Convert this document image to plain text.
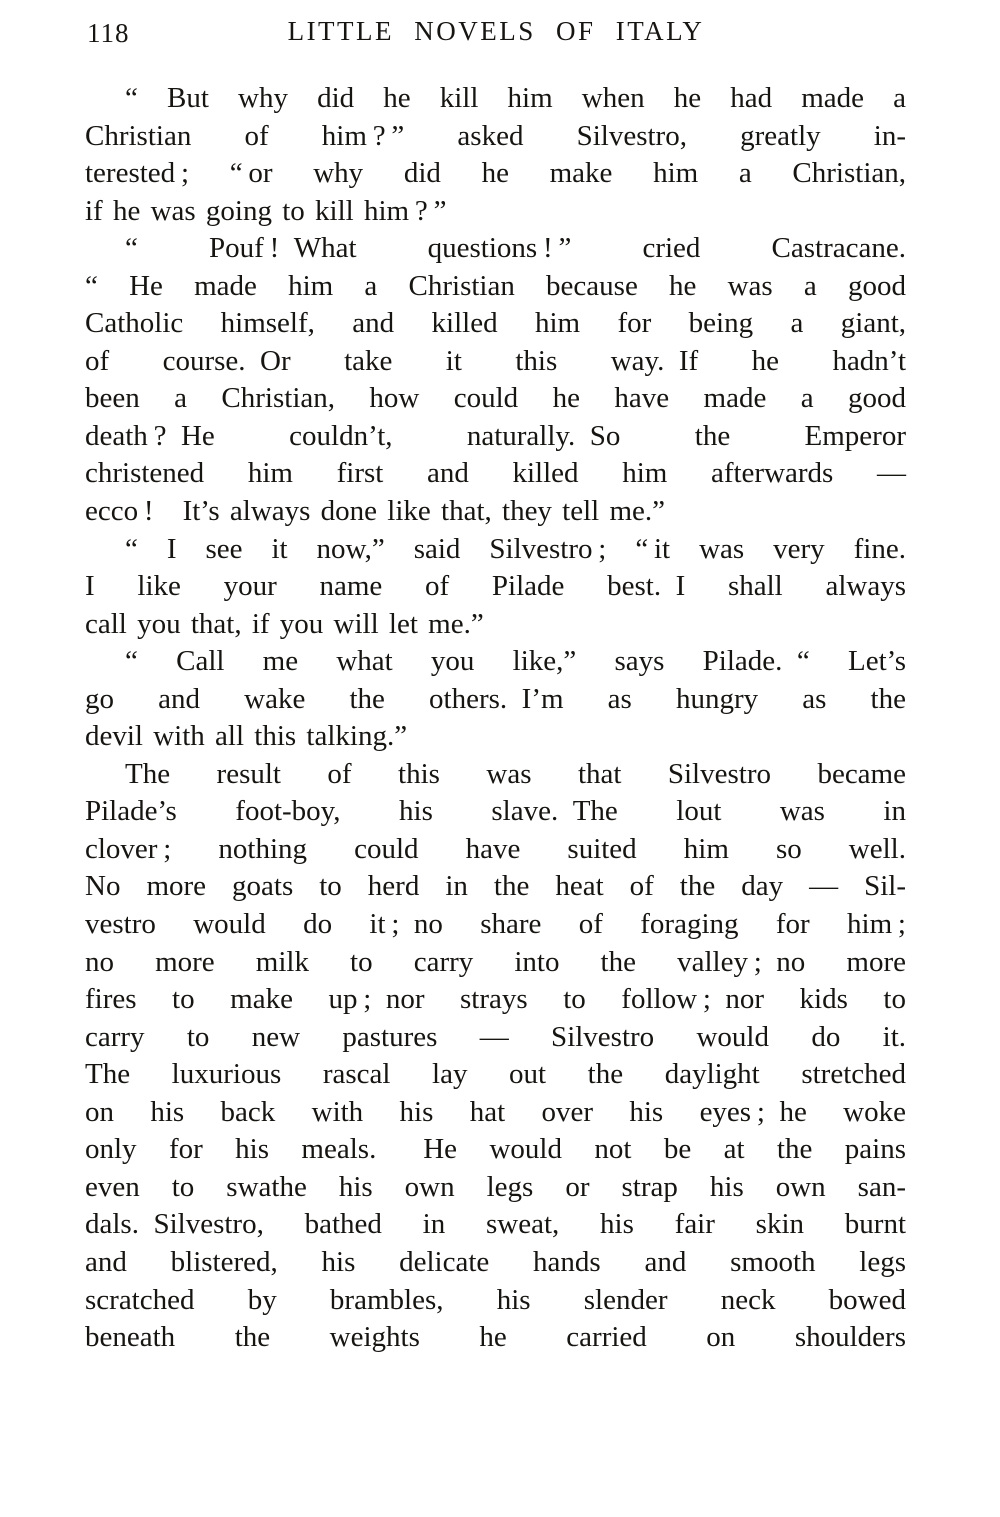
118	LITTLE NOVELS OF ITALY
“ But why did he kill him when he had made a
Christian of him ? ” asked Silvestro, greatly in-
terested ; “ or why did he make him a Christian,
if he was going to kill him ? ”
“ Pouf ! What questions ! ” cried Castracane.
“ He made him a Christian because he was a good
Catholic himself, and killed him for being a giant,
of course. Or take it this way. If he hadn’t
been a Christian, how could he have made a good
death ? He couldn’t, naturally. So the Emperor
christened him first and killed him afterwards —
ecco !  It’s always done like that, they tell me.”
“ I see it now,” said Silvestro ; “ it was very fine.
I like your name of Pilade best. I shall always
call you that, if you will let me.”
“ Call me what you like,” says Pilade. “ Let’s
go and wake the others. I’m as hungry as the
devil with all this talking.”
The result of this was that Silvestro became
Pilade’s foot-boy, his slave. The lout was in
clover ; nothing could have suited him so well.
No more goats to herd in the heat of the day — Sil-
vestro would do it ; no share of foraging for him ;
no more milk to carry into the valley ; no more
fires to make up ; nor strays to follow ; nor kids to
carry to new pastures — Silvestro would do it.
The luxurious rascal lay out the daylight stretched
on his back with his hat over his eyes ; he woke
only for his meals.  He would not be at the pains
even to swathe his own legs or strap his own san-
dals. Silvestro, bathed in sweat, his fair skin burnt
and blistered, his delicate hands and smooth legs
scratched by brambles, his slender neck bowed
beneath the weights he carried on shoulders
